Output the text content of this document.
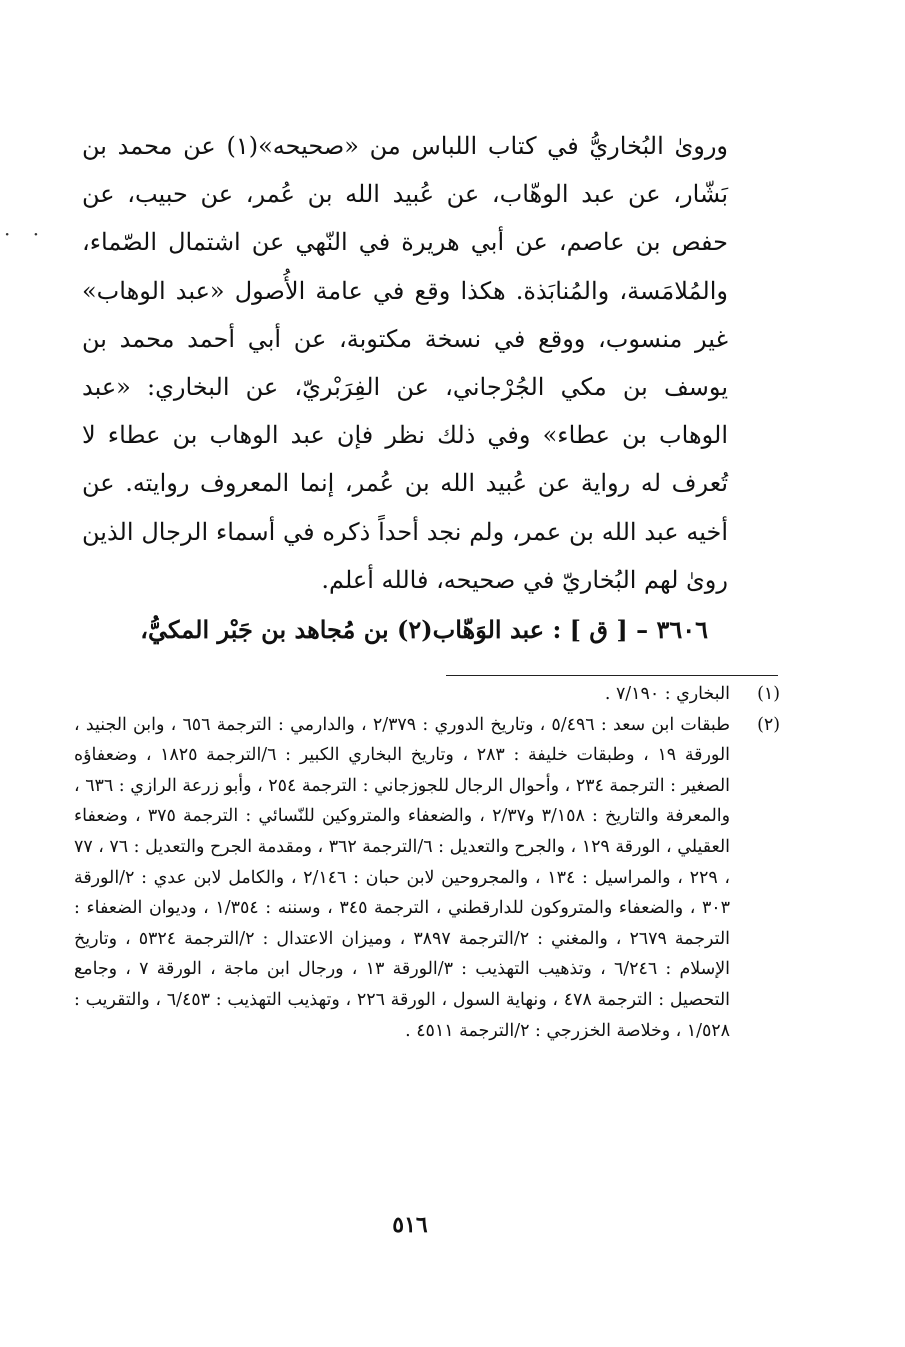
· ·

ورویٰ البُخاريُّ في كتاب اللباس من «صحيحه»(١) عن محمد بن بَشّار، عن عبد الوهّاب، عن عُبيد الله بن عُمر، عن حبيب، عن حفص بن عاصم، عن أبي هريرة في النّهي عن اشتمال الصّماء، والمُلامَسة، والمُنابَذة. هكذا وقع في عامة الأُصول «عبد الوهاب» غير منسوب، ووقع في نسخة مكتوبة، عن أبي أحمد محمد بن يوسف بن مكي الجُرْجاني، عن الفِرَبْريّ، عن البخاري: «عبد الوهاب بن عطاء» وفي ذلك نظر فإن عبد الوهاب بن عطاء لا تُعرف له رواية عن عُبيد الله بن عُمر، إنما المعروف روايته. عن أخيه عبد الله بن عمر، ولم نجد أحداً ذكره في أسماء الرجال الذين رویٰ لهم البُخاريّ في صحيحه، فالله أعلم.

٣٦٠٦ – [ ق ] : عبد الوَهّاب(٢) بن مُجاهد بن جَبْر المكيُّ،

(١)
البخاري : ٧/١٩٠ .
(٢)
طبقات ابن سعد : ٥/٤٩٦ ، وتاريخ الدوري : ٢/٣٧٩ ، والدارمي : الترجمة ٦٥٦ ، وابن الجنيد ، الورقة ١٩ ، وطبقات خليفة : ٢٨٣ ، وتاريخ البخاري الكبير : ٦/الترجمة ١٨٢٥ ، وضعفاؤه الصغير : الترجمة ٢٣٤ ، وأحوال الرجال للجوزجاني : الترجمة ٢٥٤ ، وأبو زرعة الرازي : ٦٣٦ ، والمعرفة والتاريخ : ٣/١٥٨ و٢/٣٧ ، والضعفاء والمتروكين للنّسائي : الترجمة ٣٧٥ ، وضعفاء العقيلي ، الورقة ١٢٩ ، والجرح والتعديل : ٦/الترجمة ٣٦٢ ، ومقدمة الجرح والتعديل : ٧٦ ، ٧٧ ، ٢٢٩ ، والمراسيل : ١٣٤ ، والمجروحين لابن حبان : ٢/١٤٦ ، والكامل لابن عدي : ٢/الورقة ٣٠٣ ، والضعفاء والمتروكون للدارقطني ، الترجمة ٣٤٥ ، وسننه : ١/٣٥٤ ، وديوان الضعفاء : الترجمة ٢٦٧٩ ، والمغني : ٢/الترجمة ٣٨٩٧ ، وميزان الاعتدال : ٢/الترجمة ٥٣٢٤ ، وتاريخ الإسلام : ٦/٢٤٦ ، وتذهيب التهذيب : ٣/الورقة ١٣ ، ورجال ابن ماجة ، الورقة ٧ ، وجامع التحصيل : الترجمة ٤٧٨ ، ونهاية السول ، الورقة ٢٢٦ ، وتهذيب التهذيب : ٦/٤٥٣ ، والتقريب : ١/٥٢٨ ، وخلاصة الخزرجي : ٢/الترجمة ٤٥١١ .
٥١٦
